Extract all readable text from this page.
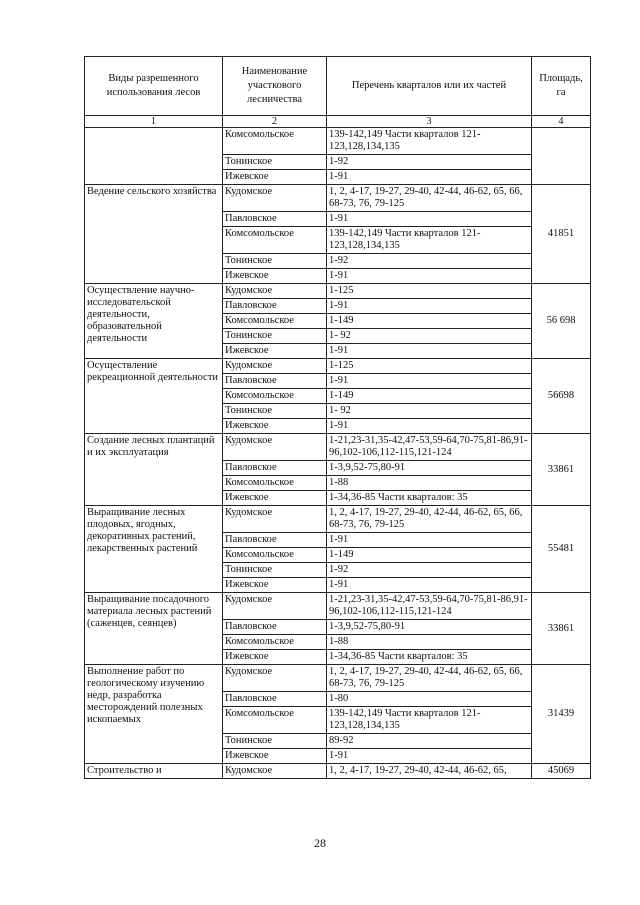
Виды разрешенного использования лесов	Наименование участкового лесничества	Перечень кварталов или их частей	Площадь, га
1	2	3	4
	Комсомольское	139-142,149 Части кварталов 121-123,128,134,135	
	Тонинское	1-92	
	Ижевское	1-91	
Ведение сельского хозяйства	Кудомское	1, 2, 4-17, 19-27, 29-40, 42-44, 46-62, 65, 66, 68-73, 76, 79-125	41851
	Павловское	1-91	
	Комсомольское	139-142,149 Части кварталов 121-123,128,134,135	
	Тонинское	1-92	
	Ижевское	1-91	
Осуществление научно-исследовательской деятельности, образовательной деятельности	Кудомское	1-125	56 698
	Павловское	1-91	
	Комсомольское	1-149	
	Тонинское	1- 92	
	Ижевское	1-91	
Осуществление рекреационной деятельности	Кудомское	1-125	56698
	Павловское	1-91	
	Комсомольское	1-149	
	Тонинское	1- 92	
	Ижевское	1-91	
Создание лесных плантаций и их эксплуатация	Кудомское	1-21,23-31,35-42,47-53,59-64,70-75,81-86,91-96,102-106,112-115,121-124	33861
	Павловское	1-3,9,52-75,80-91	
	Комсомольское	1-88	
	Ижевское	1-34,36-85 Части кварталов: 35	
Выращивание лесных плодовых, ягодных, декоративных растений, лекарственных растений	Кудомское	1, 2, 4-17, 19-27, 29-40, 42-44, 46-62, 65, 66, 68-73, 76, 79-125	55481
	Павловское	1-91	
	Комсомольское	1-149	
	Тонинское	1-92	
	Ижевское	1-91	
Выращивание посадочного материала лесных растений (саженцев, сеянцев)	Кудомское	1-21,23-31,35-42,47-53,59-64,70-75,81-86,91-96,102-106,112-115,121-124	33861
	Павловское	1-3,9,52-75,80-91	
	Комсомольское	1-88	
	Ижевское	1-34,36-85 Части кварталов: 35	
Выполнение работ по геологическому изучению недр, разработка месторождений полезных ископаемых	Кудомское	1, 2, 4-17, 19-27, 29-40, 42-44, 46-62, 65, 66, 68-73, 76, 79-125	31439
	Павловское	1-80	
	Комсомольское	139-142,149 Части кварталов 121-123,128,134,135	
	Тонинское	89-92	
	Ижевское	1-91	
Строительство и	Кудомское	1, 2, 4-17, 19-27, 29-40, 42-44, 46-62, 65,	45069
28
